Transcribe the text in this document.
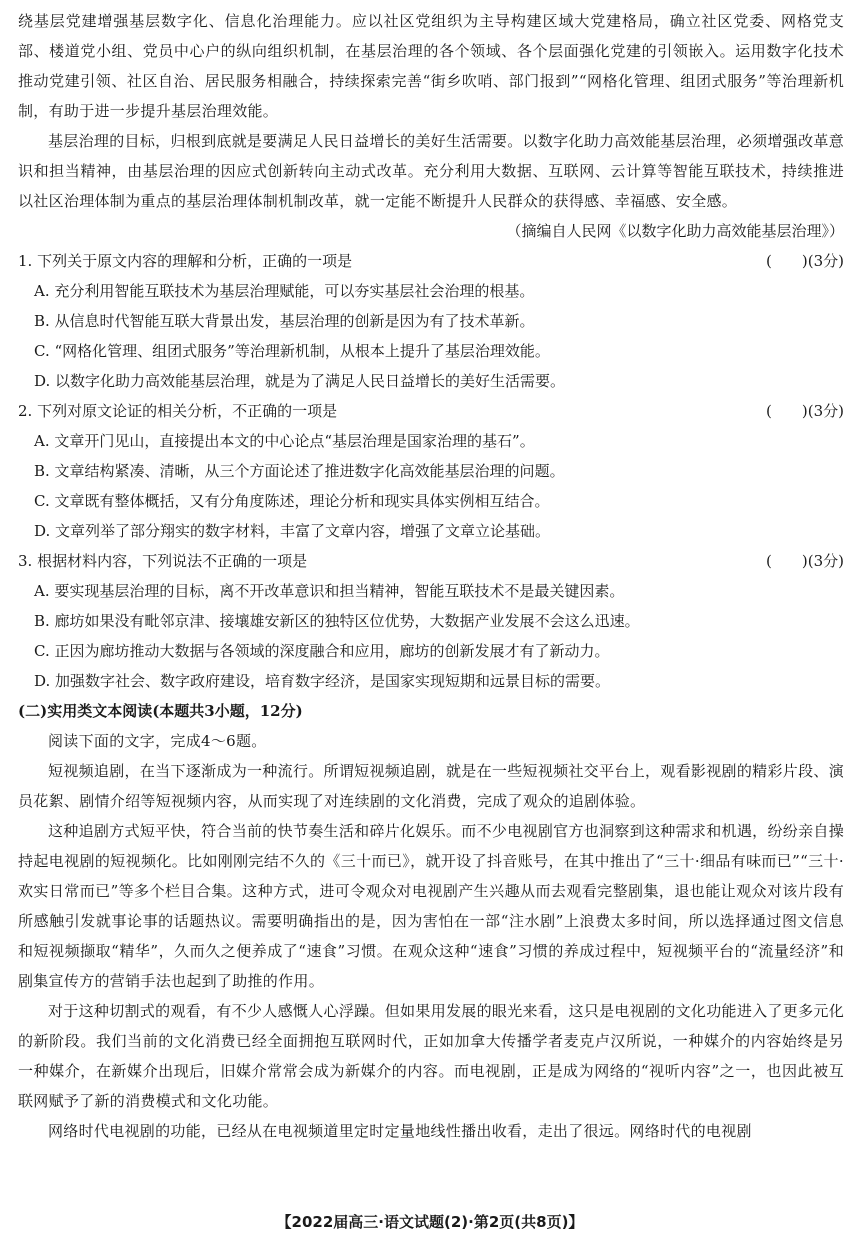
绕基层党建增强基层数字化、信息化治理能力。应以社区党组织为主导构建区域大党建格局，确立社区党委、网格党支部、楼道党小组、党员中心户的纵向组织机制，在基层治理的各个领域、各个层面强化党建的引领嵌入。运用数字化技术推动党建引领、社区自治、居民服务相融合，持续探索完善“街乡吹哨、部门报到”“网格化管理、组团式服务”等治理新机制，有助于进一步提升基层治理效能。

基层治理的目标，归根到底就是要满足人民日益增长的美好生活需要。以数字化助力高效能基层治理，必须增强改革意识和担当精神，由基层治理的因应式创新转向主动式改革。充分利用大数据、互联网、云计算等智能互联技术，持续推进以社区治理体制为重点的基层治理体制机制改革，就一定能不断提升人民群众的获得感、幸福感、安全感。

（摘编自人民网《以数字化助力高效能基层治理》）

1. 下列关于原文内容的理解和分析，正确的一项是	(　　)(3分)

A. 充分利用智能互联技术为基层治理赋能，可以夯实基层社会治理的根基。

B. 从信息时代智能互联大背景出发，基层治理的创新是因为有了技术革新。

C. “网格化管理、组团式服务”等治理新机制，从根本上提升了基层治理效能。

D. 以数字化助力高效能基层治理，就是为了满足人民日益增长的美好生活需要。

2. 下列对原文论证的相关分析，不正确的一项是	(　　)(3分)

A. 文章开门见山，直接提出本文的中心论点“基层治理是国家治理的基石”。

B. 文章结构紧凑、清晰，从三个方面论述了推进数字化高效能基层治理的问题。

C. 文章既有整体概括，又有分角度陈述，理论分析和现实具体实例相互结合。

D. 文章列举了部分翔实的数字材料，丰富了文章内容，增强了文章立论基础。

3. 根据材料内容，下列说法不正确的一项是	(　　)(3分)

A. 要实现基层治理的目标，离不开改革意识和担当精神，智能互联技术不是最关键因素。

B. 廊坊如果没有毗邻京津、接壤雄安新区的独特区位优势，大数据产业发展不会这么迅速。

C. 正因为廊坊推动大数据与各领域的深度融合和应用，廊坊的创新发展才有了新动力。

D. 加强数字社会、数字政府建设，培育数字经济，是国家实现短期和远景目标的需要。

(二)实用类文本阅读(本题共3小题，12分)

阅读下面的文字，完成4～6题。

短视频追剧，在当下逐渐成为一种流行。所谓短视频追剧，就是在一些短视频社交平台上，观看影视剧的精彩片段、演员花絮、剧情介绍等短视频内容，从而实现了对连续剧的文化消费，完成了观众的追剧体验。

这种追剧方式短平快，符合当前的快节奏生活和碎片化娱乐。而不少电视剧官方也洞察到这种需求和机遇，纷纷亲自操持起电视剧的短视频化。比如刚刚完结不久的《三十而已》，就开设了抖音账号，在其中推出了“三十·细品有味而已”“三十·欢实日常而已”等多个栏目合集。这种方式，进可令观众对电视剧产生兴趣从而去观看完整剧集，退也能让观众对该片段有所感触引发就事论事的话题热议。需要明确指出的是，因为害怕在一部“注水剧”上浪费太多时间，所以选择通过图文信息和短视频撷取“精华”，久而久之便养成了“速食”习惯。在观众这种“速食”习惯的养成过程中，短视频平台的“流量经济”和剧集宣传方的营销手法也起到了助推的作用。

对于这种切割式的观看，有不少人感慨人心浮躁。但如果用发展的眼光来看，这只是电视剧的文化功能进入了更多元化的新阶段。我们当前的文化消费已经全面拥抱互联网时代，正如加拿大传播学者麦克卢汉所说，一种媒介的内容始终是另一种媒介，在新媒介出现后，旧媒介常常会成为新媒介的内容。而电视剧，正是成为网络的“视听内容”之一，也因此被互联网赋予了新的消费模式和文化功能。

网络时代电视剧的功能，已经从在电视频道里定时定量地线性播出收看，走出了很远。网络时代的电视剧

【2022届高三·语文试题(2)·第2页(共8页)】
